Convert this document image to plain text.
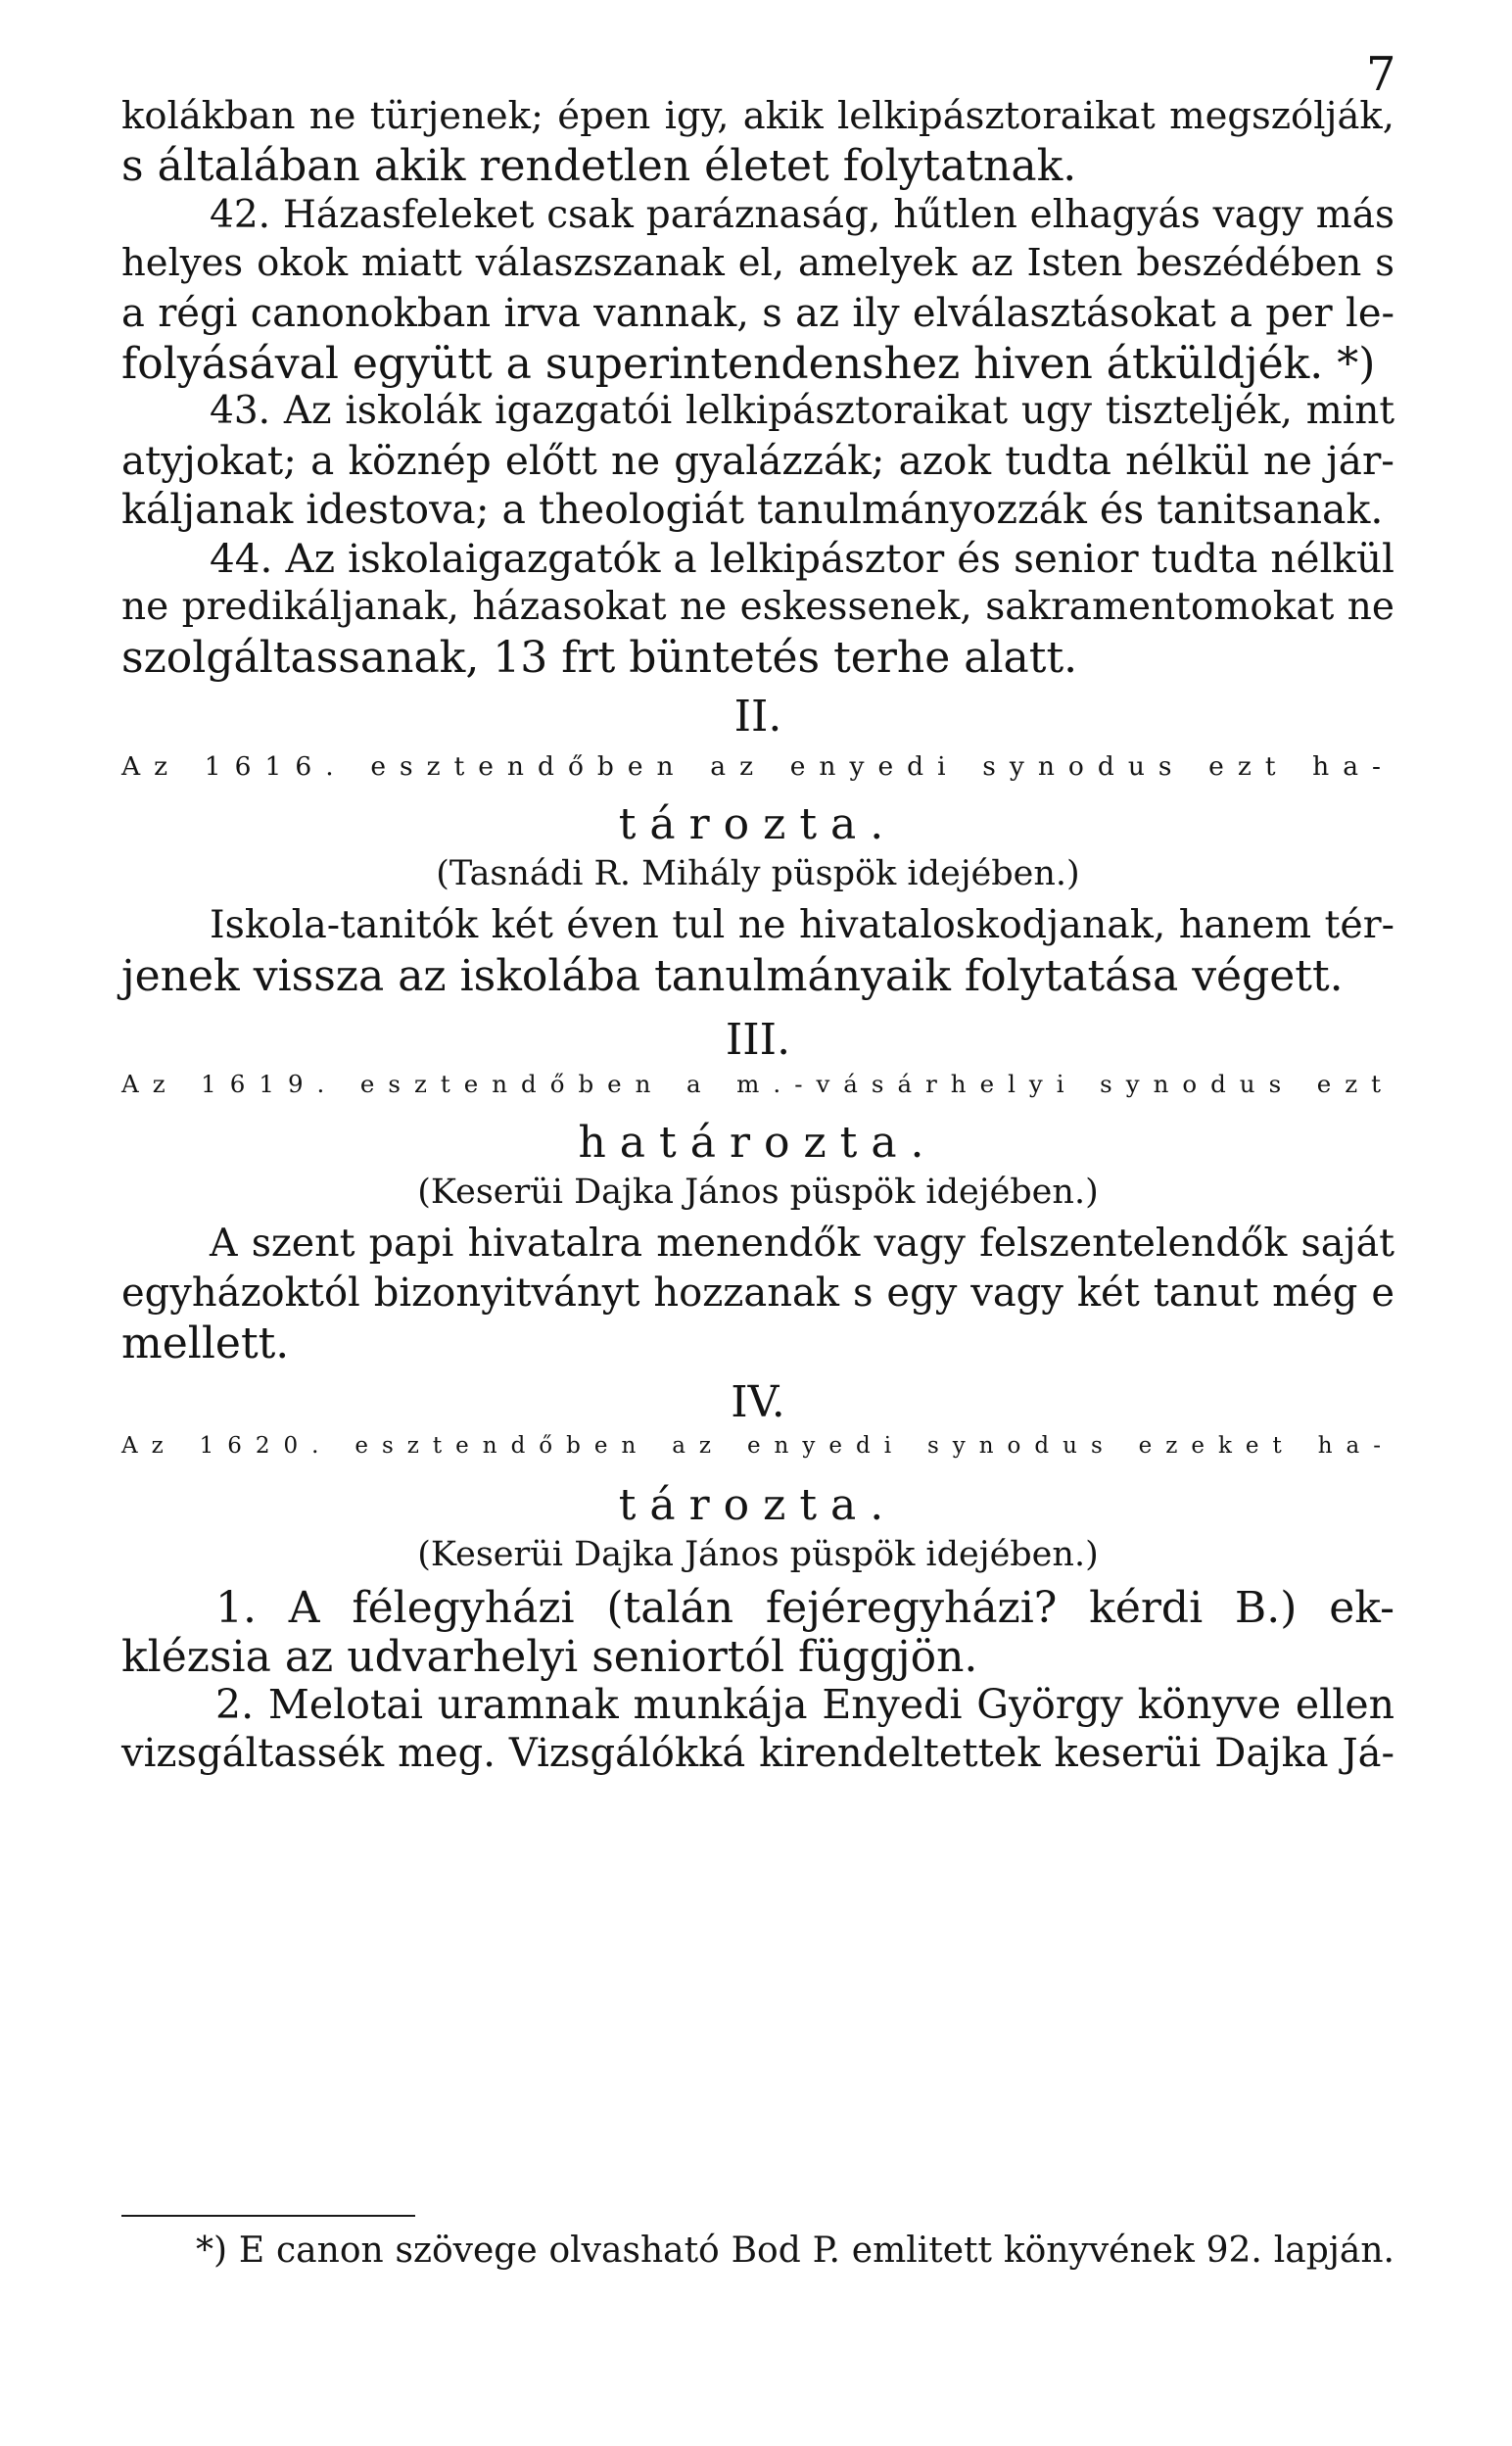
7
kolákban ne türjenek; épen igy, akik lelkipásztoraikat megszólják,
s általában akik rendetlen életet folytatnak.
42. Házasfeleket csak paráznaság, hűtlen elhagyás vagy más
helyes okok miatt válaszszanak el, amelyek az Isten beszédében s
a régi canonokban irva vannak, s az ily elválasztásokat a per le-
folyásával együtt a superintendenshez hiven átküldjék. *)
43. Az iskolák igazgatói lelkipásztoraikat ugy tiszteljék, mint
atyjokat; a köznép előtt ne gyalázzák; azok tudta nélkül ne jár-
káljanak idestova; a theologiát tanulmányozzák és tanitsanak.
44. Az iskolaigazgatók a lelkipásztor és senior tudta nélkül
ne predikáljanak, házasokat ne eskessenek, sakramentomokat ne
szolgáltassanak, 13 frt büntetés terhe alatt.
II.
Az 1616. esztendőben az enyedi synodus ezt ha-
tározta.
(Tasnádi R. Mihály püspök idejében.)
Iskola-tanitók két éven tul ne hivataloskodjanak, hanem tér-
jenek vissza az iskolába tanulmányaik folytatása végett.
III.
Az 1619. esztendőben a m.-vásárhelyi synodus ezt
határozta.
(Keserüi Dajka János püspök idejében.)
A szent papi hivatalra menendők vagy felszentelendők saját
egyházoktól bizonyitványt hozzanak s egy vagy két tanut még e
mellett.
IV.
Az 1620. esztendőben az enyedi synodus ezeket ha-
tározta.
(Keserüi Dajka János püspök idejében.)
1. A félegyházi (talán fejéregyházi? kérdi B.) ek-
klézsia az udvarhelyi seniortól függjön.
2. Melotai uramnak munkája Enyedi György könyve ellen
vizsgáltassék meg. Vizsgálókká kirendeltettek keserüi Dajka Já-
*) E canon szövege olvasható Bod P. emlitett könyvének 92. lapján.
